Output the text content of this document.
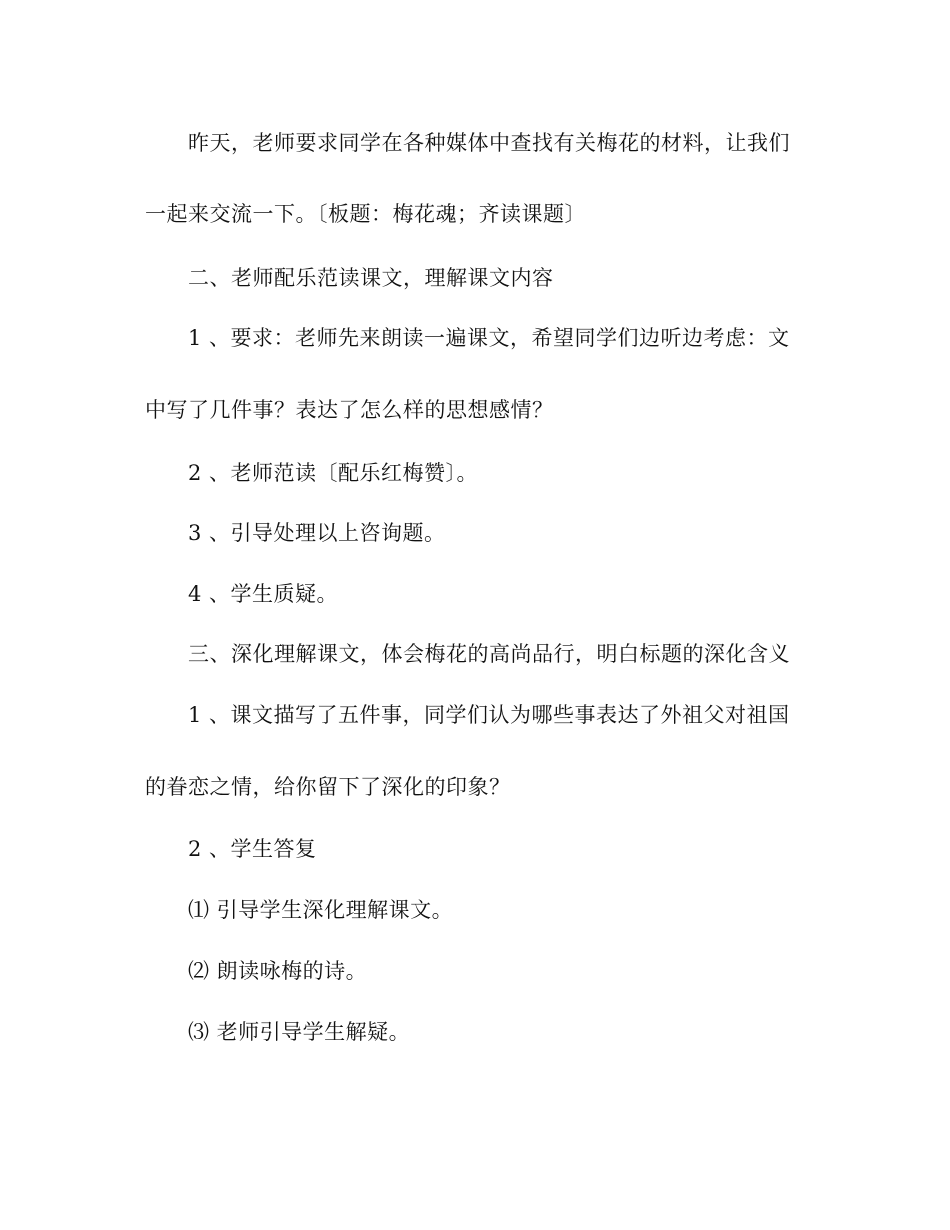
昨天，老师要求同学在各种媒体中查找有关梅花的材料，让我们
一起来交流一下。〔板题：梅花魂；齐读课题〕
二、老师配乐范读课文，理解课文内容
1 、要求：老师先来朗读一遍课文，希望同学们边听边考虑：文
中写了几件事？表达了怎么样的思想感情？
2 、老师范读〔配乐红梅赞〕。
3 、引导处理以上咨询题。
4 、学生质疑。
三、深化理解课文，体会梅花的高尚品行，明白标题的深化含义
1 、课文描写了五件事，同学们认为哪些事表达了外祖父对祖国
的眷恋之情，给你留下了深化的印象？
2 、学生答复
⑴ 引导学生深化理解课文。
⑵ 朗读咏梅的诗。
⑶ 老师引导学生解疑。
